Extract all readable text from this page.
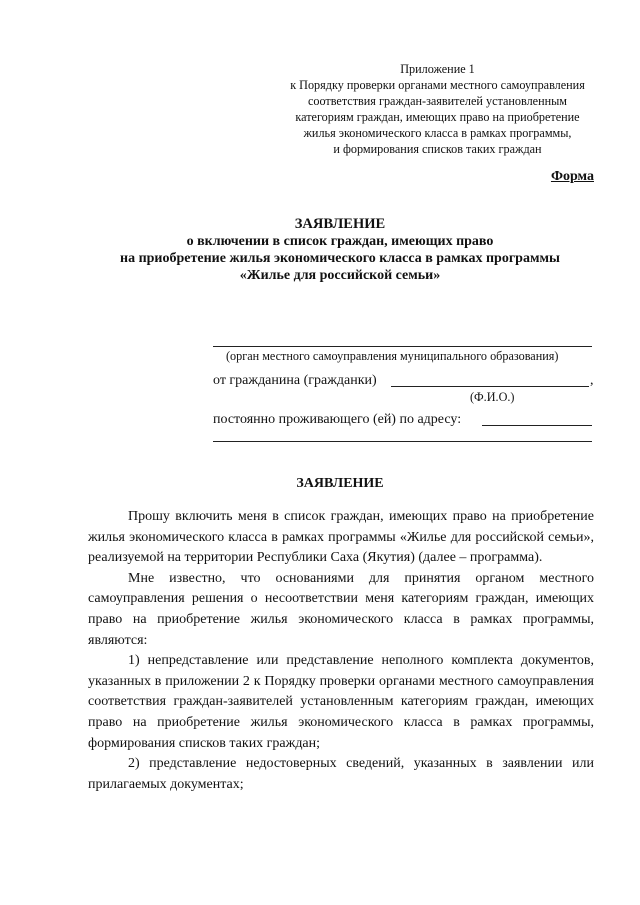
Приложение 1
к Порядку проверки органами местного самоуправления
соответствия граждан-заявителей установленным
категориям граждан, имеющих право на приобретение
жилья экономического класса в рамках программы,
и формирования списков таких граждан
Форма
ЗАЯВЛЕНИЕ
о включении в список граждан, имеющих право
на приобретение жилья экономического класса в рамках программы
«Жилье для российской семьи»
(орган местного самоуправления муниципального образования)
от гражданина (гражданки)	,
(Ф.И.О.)
постоянно проживающего (ей) по адресу:
ЗАЯВЛЕНИЕ

Прошу включить меня в список граждан, имеющих право на приобретение жилья экономического класса в рамках программы «Жилье для российской семьи», реализуемой на территории Республики Саха (Якутия) (далее – программа).

Мне известно, что основаниями для принятия органом местного самоуправления решения о несоответствии меня категориям граждан, имеющих право на приобретение жилья экономического класса в рамках программы, являются:

1) непредставление или представление неполного комплекта документов, указанных в приложении 2 к Порядку проверки органами местного самоуправления соответствия граждан-заявителей установленным категориям граждан, имеющих право на приобретение жилья экономического класса в рамках программы, формирования списков таких граждан;

2) представление недостоверных сведений, указанных в заявлении или прилагаемых документах;
